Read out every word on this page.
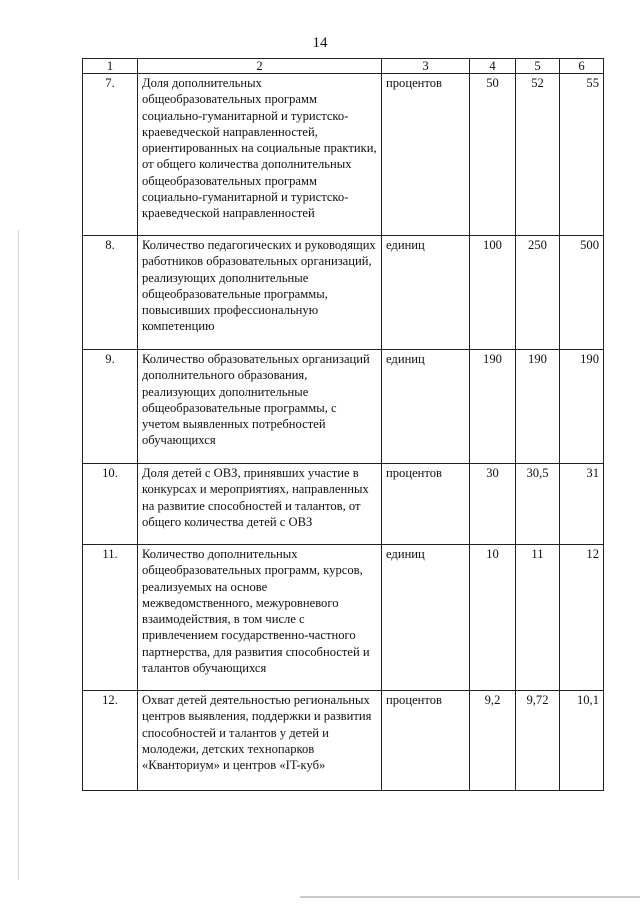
14
1	2	3	4	5	6
7.	Доля дополнительных общеобразовательных программ социально-гуманитарной и туристско-краеведческой направленностей, ориентированных на социальные практики, от общего количества дополнительных общеобразовательных программ социально-гуманитарной и туристско-краеведческой направленностей	процентов	50	52	55
8.	Количество педагогических и руководящих работников образовательных организаций, реализующих дополнительные общеобразовательные программы, повысивших профессиональную компетенцию	единиц	100	250	500
9.	Количество образовательных организаций дополнительного образования, реализующих дополнительные общеобразовательные программы, с учетом выявленных потребностей обучающихся	единиц	190	190	190
10.	Доля детей с ОВЗ, принявших участие в конкурсах и мероприятиях, направленных на развитие способностей и талантов, от общего количества детей с ОВЗ	процентов	30	30,5	31
11.	Количество дополнительных общеобразовательных программ, курсов, реализуемых на основе межведомственного, межуровневого взаимодействия, в том числе с привлечением государственно-частного партнерства, для развития способностей и талантов обучающихся	единиц	10	11	12
12.	Охват детей деятельностью региональных центров выявления, поддержки и развития способностей и талантов у детей и молодежи, детских технопарков «Кванториум» и центров «IT-куб»	процентов	9,2	9,72	10,1
